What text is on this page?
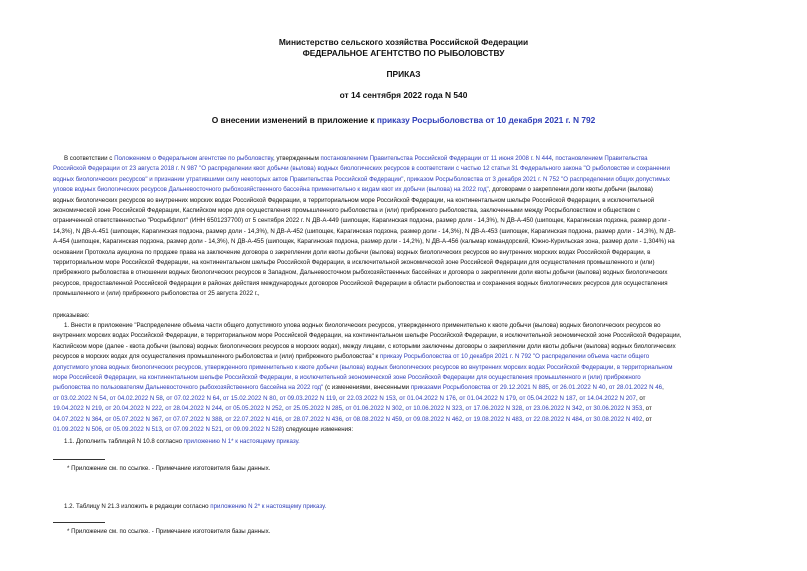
Министерство сельского хозяйства Российской Федерации
ФЕДЕРАЛЬНОЕ АГЕНТСТВО ПО РЫБОЛОВСТВУ
ПРИКАЗ
от 14 сентября 2022 года N 540
О внесении изменений в приложение к приказу Росрыболовства от 10 декабря 2021 г. N 792
В соответствии с Положением о Федеральном агентстве по рыболовству, утвержденным постановлением Правительства Российской Федерации от 11 июня 2008 г. N 444, постановлением Правительства
Российской Федерации от 23 августа 2018 г. N 987 "О распределении квот добычи (вылова) водных биологических ресурсов в соответствии с частью 12 статьи 31 Федерального закона "О рыболовстве и сохранении
водных биологических ресурсов" и признании утратившими силу некоторых актов Правительства Российской Федерации", приказом Росрыболовства от 3 декабря 2021 г. N 752 "О распределении общих допустимых
уловов водных биологических ресурсов Дальневосточного рыбохозяйственного бассейна применительно к видам квот их добычи (вылова) на 2022 год", договорами о закреплении доли квоты добычи (вылова)
водных биологических ресурсов во внутренних морских водах Российской Федерации, в территориальном море Российской Федерации, на континентальном шельфе Российской Федерации, в исключительной
экономической зоне Российской Федерации, Каспийском море для осуществления промышленного рыболовства и (или) прибрежного рыболовства, заключенными между Росрыболовством и обществом с
ограниченной ответственностью "Росрыбфлот" (ИНН 6501237700) от 5 сентября 2022 г. N ДВ-А-449 (шипощек, Карагинская подзона, размер доли - 14,3%), N ДВ-А-450 (шипощек, Карагинская подзона, размер доли -
14,3%), N ДВ-А-451 (шипощек, Карагинская подзона, размер доли - 14,3%), N ДВ-А-452 (шипощек, Карагинская подзона, размер доли - 14,3%), N ДВ-А-453 (шипощек, Карагинская подзона, размер доли - 14,3%), N ДВ-
А-454 (шипощек, Карагинская подзона, размер доли - 14,3%), N ДВ-А-455 (шипощек, Карагинская подзона, размер доли - 14,2%), N ДВ-А-456 (кальмар командорский, Южно-Курильская зона, размер доли - 1,304%) на
основании Протокола аукциона по продаже права на заключение договора о закреплении доли квоты добычи (вылова) водных биологических ресурсов во внутренних морских водах Российской Федерации, в
территориальном море Российской Федерации, на континентальном шельфе Российской Федерации, в исключительной экономической зоне Российской Федерации для осуществления промышленного и (или)
прибрежного рыболовства в отношении водных биологических ресурсов в Западном, Дальневосточном рыбохозяйственных бассейнах и договора о закреплении доли квоты добычи (вылова) водных биологических
ресурсов, предоставленной Российской Федерации в районах действия международных договоров Российской Федерации в области рыболовства и сохранения водных биологических ресурсов для осуществления
промышленного и (или) прибрежного рыболовства от 25 августа 2022 г.,
приказываю:
1. Внести в приложение "Распределение объема части общего допустимого улова водных биологических ресурсов, утвержденного применительно к квоте добычи (вылова) водных биологических ресурсов во
внутренних морских водах Российской Федерации, в территориальном море Российской Федерации, на континентальном шельфе Российской Федерации, в исключительной экономической зоне Российской Федерации,
Каспийском море (далее - квота добычи (вылова) водных биологических ресурсов в морских водах), между лицами, с которыми заключены договоры о закреплении доли квоты добычи (вылова) водных биологических
ресурсов в морских водах для осуществления промышленного рыболовства и (или) прибрежного рыболовства" к приказу Росрыболовства от 10 декабря 2021 г. N 792 "О распределении объема части общего
допустимого улова водных биологических ресурсов, утвержденного применительно к квоте добычи (вылова) водных биологических ресурсов во внутренних морских водах Российской Федерации, в территориальном
море Российской Федерации, на континентальном шельфе Российской Федерации, в исключительной экономической зоне Российской Федерации для осуществления промышленного и (или) прибрежного
рыболовства по пользователям Дальневосточного рыбохозяйственного бассейна на 2022 год" (с изменениями, внесенными приказами Росрыболовства от 29.12.2021 N 885, от 26.01.2022 N 40, от 28.01.2022 N 46,
от 03.02.2022 N 54, от 04.02.2022 N 58, от 07.02.2022 N 64, от 15.02.2022 N 80, от 09.03.2022 N 119, от 22.03.2022 N 153, от 01.04.2022 N 176, от 01.04.2022 N 179, от 05.04.2022 N 187, от 14.04.2022 N 207, от
19.04.2022 N 219, от 20.04.2022 N 222, от 28.04.2022 N 244, от 05.05.2022 N 252, от 25.05.2022 N 285, от 01.06.2022 N 302, от 10.06.2022 N 323, от 17.06.2022 N 328, от 23.06.2022 N 342, от 30.06.2022 N 353, от
04.07.2022 N 364, от 05.07.2022 N 367, от 07.07.2022 N 388, от 22.07.2022 N 416, от 28.07.2022 N 436, от 08.08.2022 N 459, от 09.08.2022 N 462, от 19.08.2022 N 483, от 22.08.2022 N 484, от 30.08.2022 N 492, от
01.09.2022 N 506, от 05.09.2022 N 513, от 07.09.2022 N 521, от 09.09.2022 N 528) следующие изменения:
1.1. Дополнить таблицей N 10.8 согласно приложению N 1* к настоящему приказу.
* Приложение см. по ссылке. - Примечание изготовителя базы данных.
1.2. Таблицу N 21.3 изложить в редакции согласно приложению N 2* к настоящему приказу.
* Приложение см. по ссылке. - Примечание изготовителя базы данных.
